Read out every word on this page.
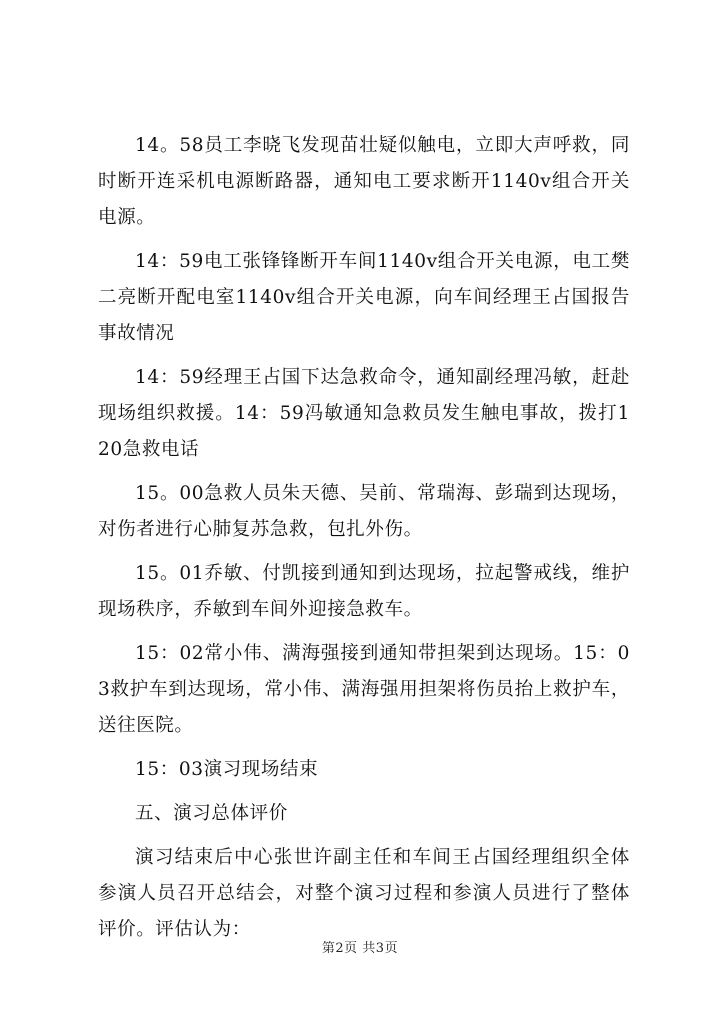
14。58员工李晓飞发现苗壮疑似触电，立即大声呼救，同时断开连采机电源断路器，通知电工要求断开1140v组合开关电源。

14：59电工张锋锋断开车间1140v组合开关电源，电工樊二亮断开配电室1140v组合开关电源，向车间经理王占国报告事故情况

14：59经理王占国下达急救命令，通知副经理冯敏，赶赴现场组织救援。14：59冯敏通知急救员发生触电事故，拨打120急救电话

15。00急救人员朱天德、吴前、常瑞海、彭瑞到达现场，对伤者进行心肺复苏急救，包扎外伤。

15。01乔敏、付凯接到通知到达现场，拉起警戒线，维护现场秩序，乔敏到车间外迎接急救车。

15：02常小伟、满海强接到通知带担架到达现场。15：03救护车到达现场，常小伟、满海强用担架将伤员抬上救护车，送往医院。

15：03演习现场结束

五、演习总体评价

演习结束后中心张世许副主任和车间王占国经理组织全体参演人员召开总结会，对整个演习过程和参演人员进行了整体评价。评估认为：

第2页 共3页
